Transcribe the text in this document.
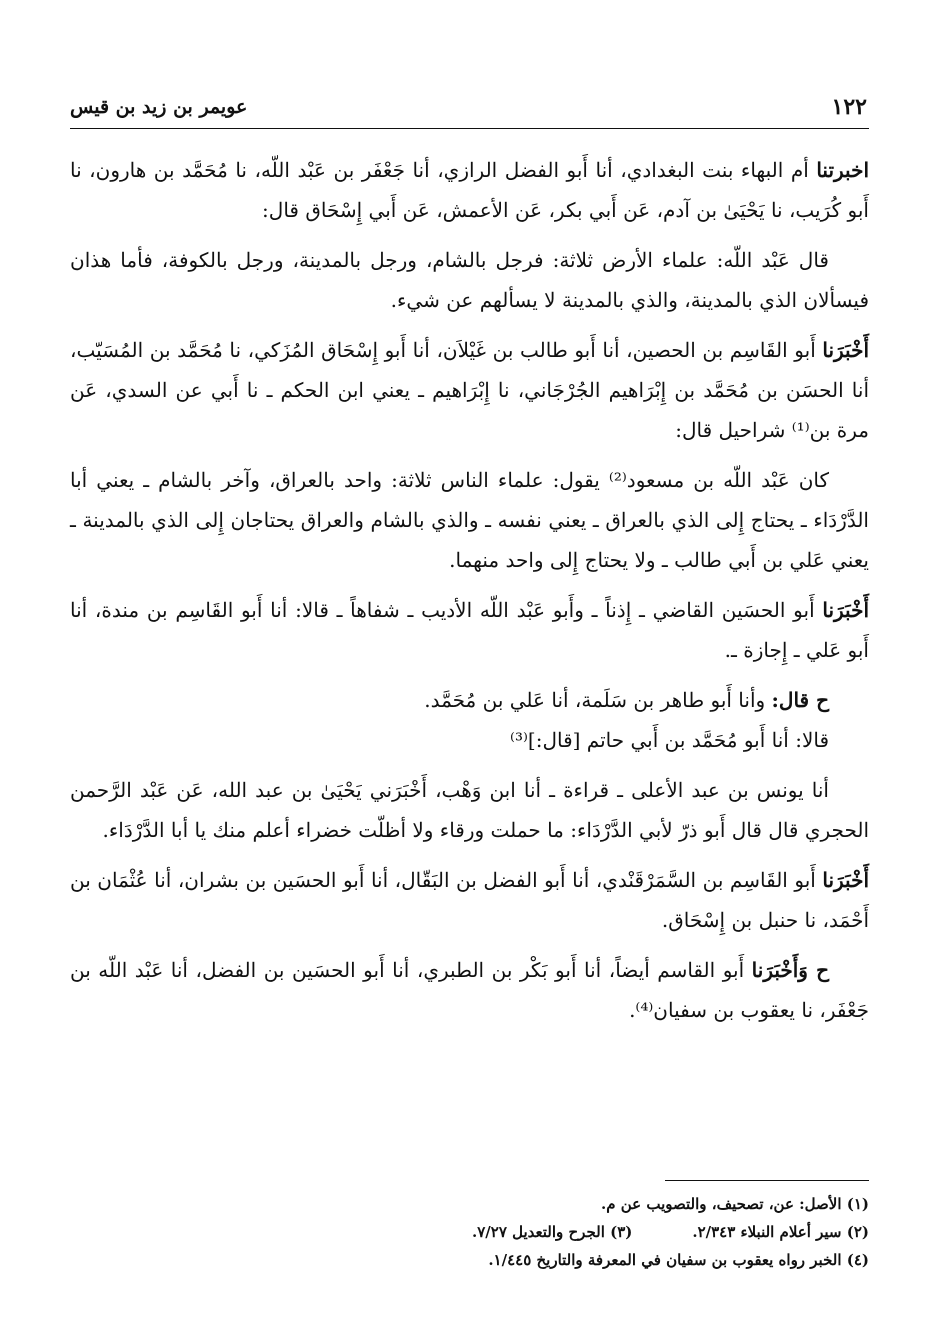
١٢٢
عويمر بن زيد بن قيس

اخبرتنا أم البهاء بنت البغدادي، أنا أَبو الفضل الرازي، أنا جَعْفَر بن عَبْد اللّه، نا مُحَمَّد بن هارون، نا أَبو كُرَيب، نا يَحْيَىٰ بن آدم، عَن أَبي بكر، عَن الأعمش، عَن أَبي إِسْحَاق قال:

قال عَبْد اللّه: علماء الأرض ثلاثة: فرجل بالشام، ورجل بالمدينة، ورجل بالكوفة، فأما هذان فيسألان الذي بالمدينة، والذي بالمدينة لا يسألهم عن شيء.

أَخْبَرَنا أَبو القَاسِم بن الحصين، أنا أَبو طالب بن غَيْلاَن، أنا أَبو إِسْحَاق المُزَكي، نا مُحَمَّد بن المُسَيّب، أنا الحسَن بن مُحَمَّد بن إِبْرَاهيم الجُرْجَاني، نا إِبْرَاهيم ـ يعني ابن الحكم ـ نا أَبي عن السدي، عَن مرة بن⁽¹⁾ شراحيل قال:

كان عَبْد اللّه بن مسعود⁽²⁾ يقول: علماء الناس ثلاثة: واحد بالعراق، وآخر بالشام ـ يعني أبا الدَّرْدَاء ـ يحتاج إِلى الذي بالعراق ـ يعني نفسه ـ والذي بالشام والعراق يحتاجان إِلى الذي بالمدينة ـ يعني عَلي بن أَبي طالب ـ ولا يحتاج إِلى واحد منهما.

أَخْبَرَنا أَبو الحسَين القاضي ـ إِذناً ـ وأَبو عَبْد اللّه الأديب ـ شفاهاً ـ قالا: أنا أَبو القَاسِم بن مندة، أنا أَبو عَلي ـ إِجازة ـ.

ح قال: وأنا أَبو طاهر بن سَلَمة، أنا عَلي بن مُحَمَّد.

قالا: أنا أَبو مُحَمَّد بن أَبي حاتم [قال:]⁽³⁾

أنا يونس بن عبد الأعلى ـ قراءة ـ أنا ابن وَهْب، أَخْبَرَني يَحْيَىٰ بن عبد الله، عَن عَبْد الرَّحمن الحجري قال قال أَبو ذرّ لأبي الدَّرْدَاء: ما حملت ورقاء ولا أظلّت خضراء أعلم منك يا أبا الدَّرْدَاء.

أَخْبَرَنا أَبو القَاسِم بن السَّمَرْقَنْدي، أنا أَبو الفضل بن البَقّال، أنا أَبو الحسَين بن بشران، أنا عُثْمَان بن أَحْمَد، نا حنبل بن إِسْحَاق.

ح وَأَخْبَرَنا أَبو القاسم أيضاً، أنا أَبو بَكْر بن الطبري، أنا أَبو الحسَين بن الفضل، أنا عَبْد اللّه بن جَعْفَر، نا يعقوب بن سفيان⁽⁴⁾.

(١) الأصل: عن، تصحيف، والتصويب عن م.
(٢) سير أعلام النبلاء ٢/٣٤٣.
(٣) الجرح والتعديل ٧/٢٧.
(٤) الخبر رواه يعقوب بن سفيان في المعرفة والتاريخ ١/٤٤٥.
